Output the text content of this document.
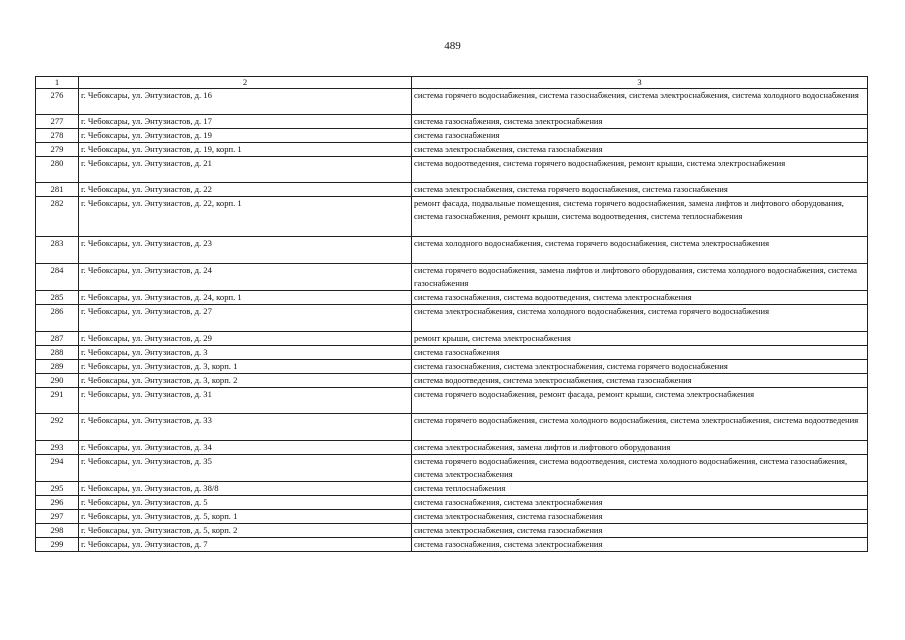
489
1	2	3
276	г. Чебоксары, ул. Энтузиастов, д. 16	система горячего водоснабжения, система газоснабжения, система электроснабжения, система холодного водоснабжения
277	г. Чебоксары, ул. Энтузиастов, д. 17	система газоснабжения, система электроснабжения
278	г. Чебоксары, ул. Энтузиастов, д. 19	система газоснабжения
279	г. Чебоксары, ул. Энтузиастов, д. 19, корп. 1	система электроснабжения, система газоснабжения
280	г. Чебоксары, ул. Энтузиастов, д. 21	система водоотведения, система горячего водоснабжения, ремонт крыши, система электроснабжения
281	г. Чебоксары, ул. Энтузиастов, д. 22	система электроснабжения, система горячего водоснабжения, система газоснабжения
282	г. Чебоксары, ул. Энтузиастов, д. 22, корп. 1	ремонт фасада, подвальные помещения, система горячего водоснабжения, замена лифтов и лифтового оборудования, система газоснабжения, ремонт крыши, система водоотведения, система теплоснабжения
283	г. Чебоксары, ул. Энтузиастов, д. 23	система холодного водоснабжения, система горячего водоснабжения, система электроснабжения
284	г. Чебоксары, ул. Энтузиастов, д. 24	система горячего водоснабжения, замена лифтов и лифтового оборудования, система холодного водоснабжения, система газоснабжения
285	г. Чебоксары, ул. Энтузиастов, д. 24, корп. 1	система газоснабжения, система водоотведения, система электроснабжения
286	г. Чебоксары, ул. Энтузиастов, д. 27	система электроснабжения, система холодного водоснабжения, система горячего водоснабжения
287	г. Чебоксары, ул. Энтузиастов, д. 29	ремонт крыши, система электроснабжения
288	г. Чебоксары, ул. Энтузиастов, д. 3	система газоснабжения
289	г. Чебоксары, ул. Энтузиастов, д. 3, корп. 1	система газоснабжения, система электроснабжения, система горячего водоснабжения
290	г. Чебоксары, ул. Энтузиастов, д. 3, корп. 2	система водоотведения, система электроснабжения, система газоснабжения
291	г. Чебоксары, ул. Энтузиастов, д. 31	система горячего водоснабжения, ремонт фасада, ремонт крыши, система электроснабжения
292	г. Чебоксары, ул. Энтузиастов, д. 33	система горячего водоснабжения, система холодного водоснабжения, система электроснабжения, система водоотведения
293	г. Чебоксары, ул. Энтузиастов, д. 34	система электроснабжения, замена лифтов и лифтового оборудования
294	г. Чебоксары, ул. Энтузиастов, д. 35	система горячего водоснабжения, система водоотведения, система холодного водоснабжения, система газоснабжения, система электроснабжения
295	г. Чебоксары, ул. Энтузиастов, д. 38/8	система теплоснабжения
296	г. Чебоксары, ул. Энтузиастов, д. 5	система газоснабжения, система электроснабжения
297	г. Чебоксары, ул. Энтузиастов, д. 5, корп. 1	система электроснабжения, система газоснабжения
298	г. Чебоксары, ул. Энтузиастов, д. 5, корп. 2	система электроснабжения, система газоснабжения
299	г. Чебоксары, ул. Энтузиастов, д. 7	система газоснабжения, система электроснабжения
